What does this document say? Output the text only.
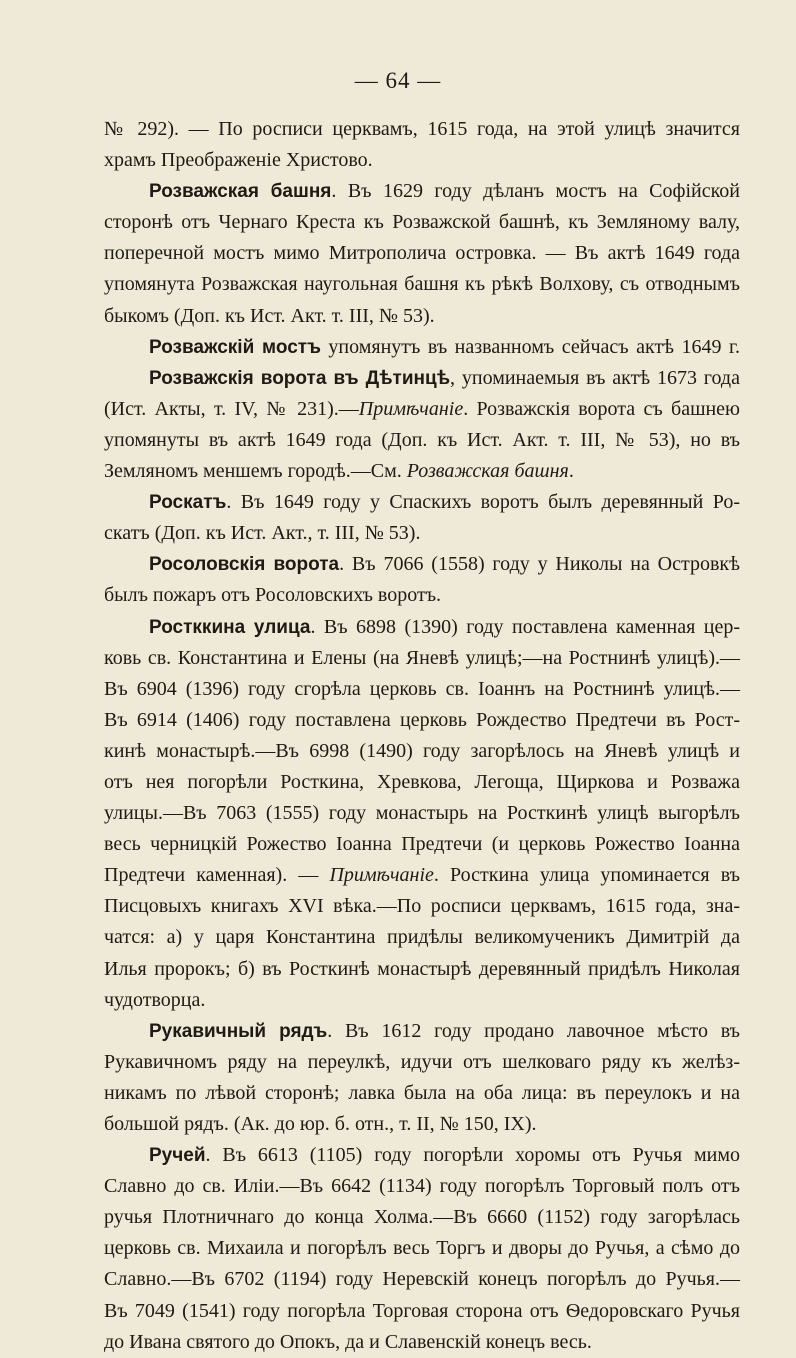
— 64 —
№ 292). — По росписи церквамъ, 1615 года, на этой улицѣ значится
храмъ Преображеніе Христово.
Розважская башня. Въ 1629 году дѣланъ мостъ на Софійской
сторонѣ отъ Чернаго Креста къ Розважской башнѣ, къ Земляному валу,
поперечной мостъ мимо Митрополича островка. — Въ актѣ 1649 года
упомянута Розважская наугольная башня къ рѣкѣ Волхову, съ отводнымъ
быкомъ (Доп. къ Ист. Акт. т. III, № 53).
Розважскій мостъ упомянутъ въ названномъ сейчасъ актѣ 1649 г.
Розважскія ворота въ Дѣтинцѣ, упоминаемыя въ актѣ 1673 года
(Ист. Акты, т. IV, № 231).—Примѣчаніе. Розважскія ворота съ башнею
упомянуты въ актѣ 1649 года (Доп. къ Ист. Акт. т. III, № 53), но въ
Земляномъ меншемъ городѣ.—См. Розважская башня.
Роскатъ. Въ 1649 году у Спаскихъ воротъ былъ деревянный Ро-
скатъ (Доп. къ Ист. Акт., т. III, № 53).
Росоловскія ворота. Въ 7066 (1558) году у Николы на Островкѣ
былъ пожаръ отъ Росоловскихъ воротъ.
Ростккина улица. Въ 6898 (1390) году поставлена каменная цер-
ковь св. Константина и Елены (на Яневѣ улицѣ;—на Ростнинѣ улицѣ).—
Въ 6904 (1396) году сгорѣла церковь св. Іоаннъ на Ростнинѣ улицѣ.—
Въ 6914 (1406) году поставлена церковь Рождество Предтечи въ Рост-
кинѣ монастырѣ.—Въ 6998 (1490) году загорѣлось на Яневѣ улицѣ и
отъ нея погорѣли Росткина, Хревкова, Легоща, Щиркова и Розважа
улицы.—Въ 7063 (1555) году монастырь на Росткинѣ улицѣ выгорѣлъ
весь черницкій Рожество Іоанна Предтечи (и церковь Рожество Іоанна
Предтечи каменная). — Примѣчаніе. Росткина улица упоминается въ
Писцовыхъ книгахъ XVI вѣка.—По росписи церквамъ, 1615 года, зна-
чатся: а) у царя Константина придѣлы великомученикъ Димитрій да
Илья пророкъ; б) въ Росткинѣ монастырѣ деревянный придѣлъ Николая
чудотворца.
Рукавичный рядъ. Въ 1612 году продано лавочное мѣсто въ
Рукавичномъ ряду на переулкѣ, идучи отъ шелковаго ряду къ желѣз-
никамъ по лѣвой сторонѣ; лавка была на оба лица: въ переулокъ и на
большой рядъ. (Ак. до юр. б. отн., т. II, № 150, IX).
Ручей. Въ 6613 (1105) году погорѣли хоромы отъ Ручья мимо
Славно до св. Иліи.—Въ 6642 (1134) году погорѣлъ Торговый полъ отъ
ручья Плотничнаго до конца Холма.—Въ 6660 (1152) году загорѣлась
церковь св. Михаила и погорѣлъ весь Торгъ и дворы до Ручья, а сѣмо до
Славно.—Въ 6702 (1194) году Неревскій конецъ погорѣлъ до Ручья.—
Въ 7049 (1541) году погорѣла Торговая сторона отъ Ѳедоровскаго Ручья
до Ивана святого до Опокъ, да и Славенскій конецъ весь.
